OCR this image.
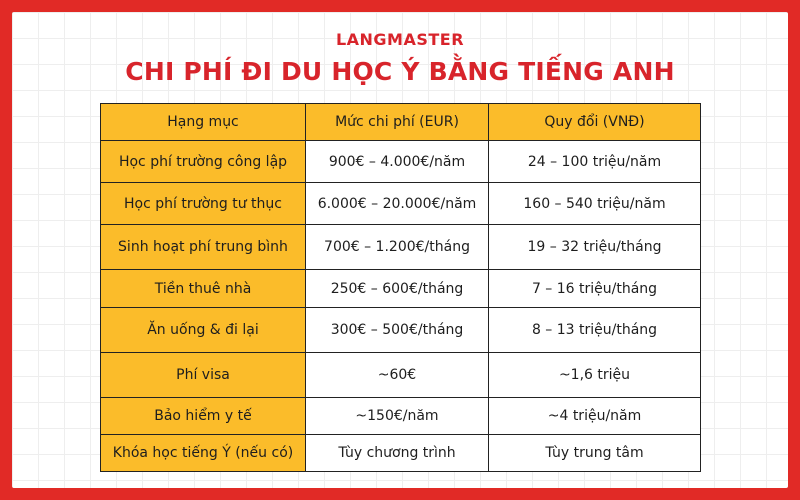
LANGMASTER
CHI PHÍ ĐI DU HỌC Ý BẰNG TIẾNG ANH
Hạng mục	Mức chi phí (EUR)	Quy đổi (VNĐ)
Học phí trường công lập	900€ – 4.000€/năm	24 – 100 triệu/năm
Học phí trường tư thục	6.000€ – 20.000€/năm	160 – 540 triệu/năm
Sinh hoạt phí trung bình	700€ – 1.200€/tháng	19 – 32 triệu/tháng
Tiền thuê nhà	250€ – 600€/tháng	7 – 16 triệu/tháng
Ăn uống & đi lại	300€ – 500€/tháng	8 – 13 triệu/tháng
Phí visa	~60€	~1,6 triệu
Bảo hiểm y tế	~150€/năm	~4 triệu/năm
Khóa học tiếng Ý (nếu có)	Tùy chương trình	Tùy trung tâm
